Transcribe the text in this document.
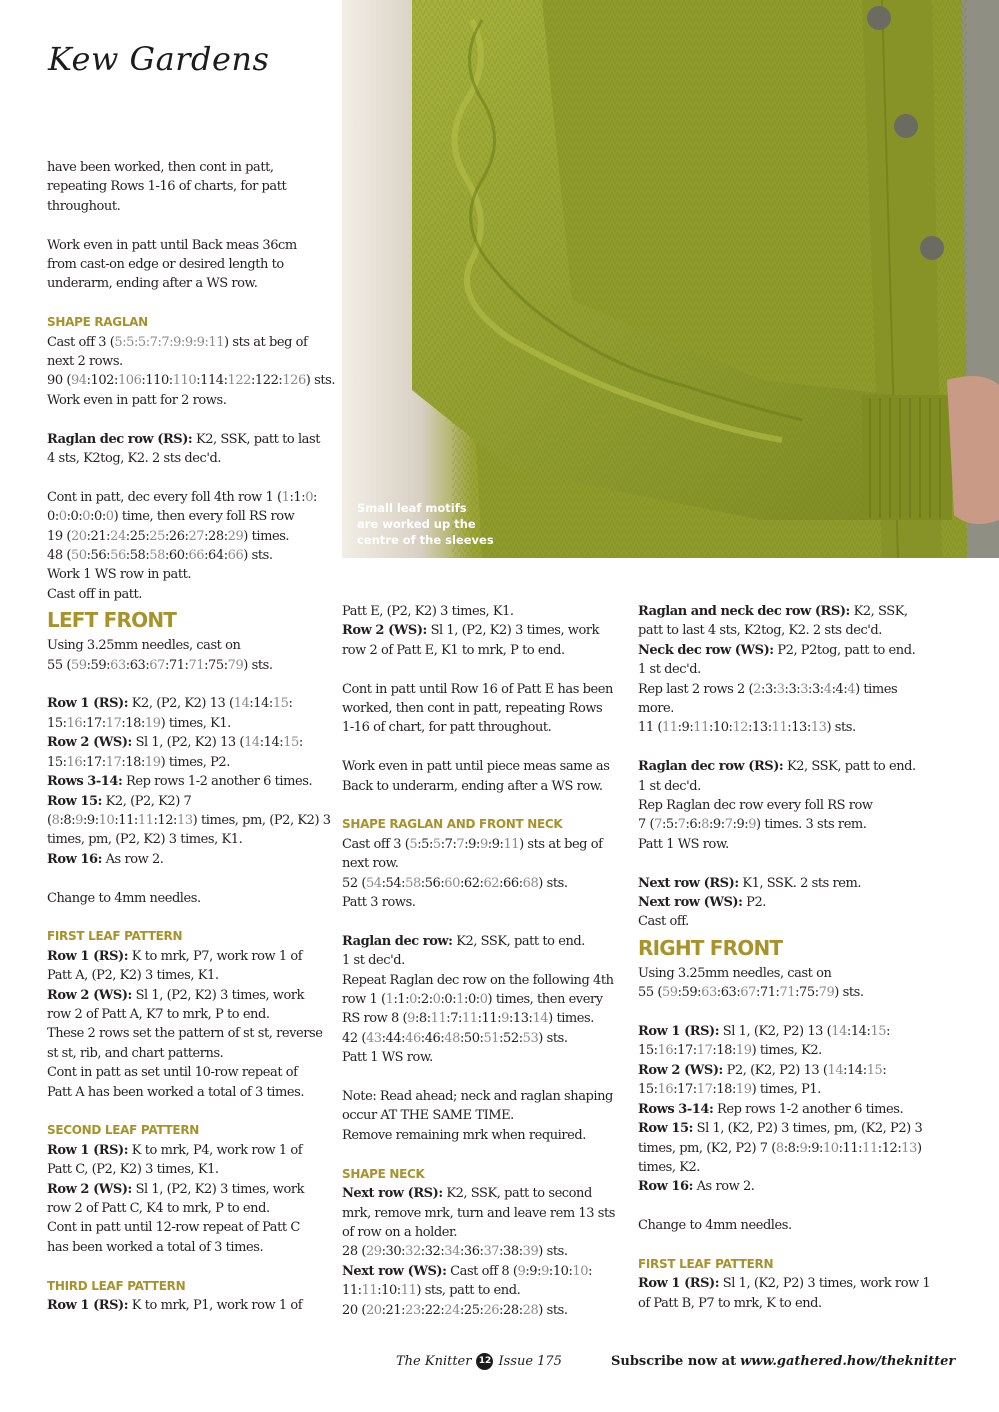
Kew Gardens
Small leaf motifs
are worked up the
centre of the sleeves
have been worked, then cont in patt,
repeating Rows 1-16 of charts, for patt
throughout.
Work even in patt until Back meas 36cm
from cast-on edge or desired length to
underarm, ending after a WS row.
SHAPE RAGLAN
Cast off 3 (5:5:5:7:7:9:9:9:11) sts at beg of
next 2 rows.
90 (94:102:106:110:110:114:122:122:126) sts.
Work even in patt for 2 rows.
Raglan dec row (RS): K2, SSK, patt to last
4 sts, K2tog, K2. 2 sts dec'd.
Cont in patt, dec every foll 4th row 1 (1:1:0:
0:0:0:0:0:0) time, then every foll RS row
19 (20:21:24:25:25:26:27:28:29) times.
48 (50:56:56:58:58:60:66:64:66) sts.
Work 1 WS row in patt.
Cast off in patt.
LEFT FRONT
Using 3.25mm needles, cast on
55 (59:59:63:63:67:71:71:75:79) sts.
Row 1 (RS): K2, (P2, K2) 13 (14:14:15:
15:16:17:17:18:19) times, K1.
Row 2 (WS): Sl 1, (P2, K2) 13 (14:14:15:
15:16:17:17:18:19) times, P2.
Rows 3-14: Rep rows 1-2 another 6 times.
Row 15: K2, (P2, K2) 7
(8:8:9:9:10:11:11:12:13) times, pm, (P2, K2) 3
times, pm, (P2, K2) 3 times, K1.
Row 16: As row 2.
Change to 4mm needles.
FIRST LEAF PATTERN
Row 1 (RS): K to mrk, P7, work row 1 of
Patt A, (P2, K2) 3 times, K1.
Row 2 (WS): Sl 1, (P2, K2) 3 times, work
row 2 of Patt A, K7 to mrk, P to end.
These 2 rows set the pattern of st st, reverse
st st, rib, and chart patterns.
Cont in patt as set until 10-row repeat of
Patt A has been worked a total of 3 times.
SECOND LEAF PATTERN
Row 1 (RS): K to mrk, P4, work row 1 of
Patt C, (P2, K2) 3 times, K1.
Row 2 (WS): Sl 1, (P2, K2) 3 times, work
row 2 of Patt C, K4 to mrk, P to end.
Cont in patt until 12-row repeat of Patt C
has been worked a total of 3 times.
THIRD LEAF PATTERN
Row 1 (RS): K to mrk, P1, work row 1 of
Patt E, (P2, K2) 3 times, K1.
Row 2 (WS): Sl 1, (P2, K2) 3 times, work
row 2 of Patt E, K1 to mrk, P to end.
Cont in patt until Row 16 of Patt E has been
worked, then cont in patt, repeating Rows
1-16 of chart, for patt throughout.
Work even in patt until piece meas same as
Back to underarm, ending after a WS row.
SHAPE RAGLAN AND FRONT NECK
Cast off 3 (5:5:5:7:7:9:9:9:11) sts at beg of
next row.
52 (54:54:58:56:60:62:62:66:68) sts.
Patt 3 rows.
Raglan dec row: K2, SSK, patt to end.
1 st dec'd.
Repeat Raglan dec row on the following 4th
row 1 (1:1:0:2:0:0:1:0:0) times, then every
RS row 8 (9:8:11:7:11:11:9:13:14) times.
42 (43:44:46:46:48:50:51:52:53) sts.
Patt 1 WS row.
Note: Read ahead; neck and raglan shaping
occur AT THE SAME TIME.
Remove remaining mrk when required.
SHAPE NECK
Next row (RS): K2, SSK, patt to second
mrk, remove mrk, turn and leave rem 13 sts
of row on a holder.
28 (29:30:32:32:34:36:37:38:39) sts.
Next row (WS): Cast off 8 (9:9:9:10:10:
11:11:10:11) sts, patt to end.
20 (20:21:23:22:24:25:26:28:28) sts.
Raglan and neck dec row (RS): K2, SSK,
patt to last 4 sts, K2tog, K2. 2 sts dec'd.
Neck dec row (WS): P2, P2tog, patt to end.
1 st dec'd.
Rep last 2 rows 2 (2:3:3:3:3:3:4:4:4) times
more.
11 (11:9:11:10:12:13:11:13:13) sts.
Raglan dec row (RS): K2, SSK, patt to end.
1 st dec'd.
Rep Raglan dec row every foll RS row
7 (7:5:7:6:8:9:7:9:9) times. 3 sts rem.
Patt 1 WS row.
Next row (RS): K1, SSK. 2 sts rem.
Next row (WS): P2.
Cast off.
RIGHT FRONT
Using 3.25mm needles, cast on
55 (59:59:63:63:67:71:71:75:79) sts.
Row 1 (RS): Sl 1, (K2, P2) 13 (14:14:15:
15:16:17:17:18:19) times, K2.
Row 2 (WS): P2, (K2, P2) 13 (14:14:15:
15:16:17:17:18:19) times, P1.
Rows 3-14: Rep rows 1-2 another 6 times.
Row 15: Sl 1, (K2, P2) 3 times, pm, (K2, P2) 3
times, pm, (K2, P2) 7 (8:8:9:9:10:11:11:12:13)
times, K2.
Row 16: As row 2.
Change to 4mm needles.
FIRST LEAF PATTERN
Row 1 (RS): Sl 1, (K2, P2) 3 times, work row 1
of Patt B, P7 to mrk, K to end.
The Knitter 12 Issue 175	Subscribe now at www.gathered.how/theknitter
